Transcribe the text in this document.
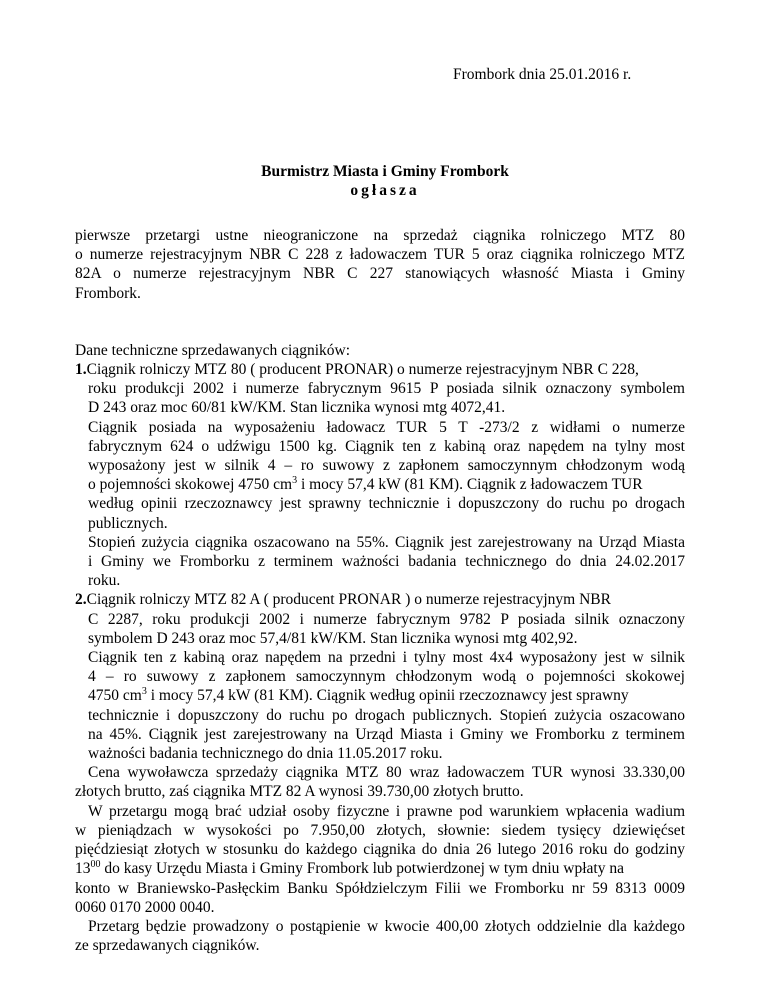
Frombork dnia 25.01.2016 r.
Burmistrz Miasta i Gminy Frombork
ogłasza

pierwsze przetargi ustne nieograniczone na sprzedaż ciągnika rolniczego MTZ 80

o numerze rejestracyjnym NBR C 228 z ładowaczem TUR 5 oraz ciągnika rolniczego MTZ

82A o numerze rejestracyjnym NBR C 227 stanowiących własność Miasta i Gminy

Frombork.

Dane techniczne sprzedawanych ciągników:

1.Ciągnik rolniczy MTZ 80 ( producent PRONAR) o numerze rejestracyjnym NBR C 228,

roku produkcji 2002 i numerze fabrycznym 9615 P posiada silnik oznaczony symbolem

D 243 oraz moc 60/81 kW/KM. Stan licznika wynosi mtg 4072,41.

Ciągnik posiada na wyposażeniu ładowacz TUR 5 T -273/2 z widłami o numerze

fabrycznym 624 o udźwigu 1500 kg. Ciągnik ten z kabiną oraz napędem na tylny most

wyposażony jest w silnik 4 – ro suwowy z zapłonem samoczynnym chłodzonym wodą

o pojemności skokowej 4750 $cm^3$ i mocy 57,4 kW (81 KM). Ciągnik z ładowaczem TUR

według opinii rzeczoznawcy jest sprawny technicznie i dopuszczony do ruchu po drogach

publicznych.

Stopień zużycia ciągnika oszacowano na 55%. Ciągnik jest zarejestrowany na Urząd Miasta

i Gminy we Fromborku z terminem ważności badania technicznego do dnia 24.02.2017

roku.

2.Ciągnik rolniczy MTZ 82 A ( producent PRONAR ) o numerze rejestracyjnym NBR

C 2287, roku produkcji 2002 i numerze fabrycznym 9782 P posiada silnik oznaczony

symbolem D 243 oraz moc 57,4/81 kW/KM. Stan licznika wynosi mtg 402,92.

Ciągnik ten z kabiną oraz napędem na przedni i tylny most 4x4 wyposażony jest w silnik

4 – ro suwowy z zapłonem samoczynnym chłodzonym wodą o pojemności skokowej

4750 $cm^3$ i mocy 57,4 kW (81 KM). Ciągnik według opinii rzeczoznawcy jest sprawny

technicznie i dopuszczony do ruchu po drogach publicznych. Stopień zużycia oszacowano

na 45%. Ciągnik jest zarejestrowany na Urząd Miasta i Gminy we Fromborku z terminem

ważności badania technicznego do dnia 11.05.2017 roku.

Cena wywoławcza sprzedaży ciągnika MTZ 80 wraz ładowaczem TUR wynosi 33.330,00

złotych brutto, zaś ciągnika MTZ 82 A wynosi 39.730,00 złotych brutto.

W przetargu mogą brać udział osoby fizyczne i prawne pod warunkiem wpłacenia wadium

w pieniądzach w wysokości po 7.950,00 złotych, słownie: siedem tysięcy dziewięćset

pięćdziesiąt złotych w stosunku do każdego ciągnika do dnia 26 lutego 2016 roku do godziny

$13^{00}$ do kasy Urzędu Miasta i Gminy Frombork lub potwierdzonej w tym dniu wpłaty na

konto w Braniewsko-Pasłęckim Banku Spółdzielczym Filii we Fromborku nr 59 8313 0009

0060 0170 2000 0040.

Przetarg będzie prowadzony o postąpienie w kwocie 400,00 złotych oddzielnie dla każdego

ze sprzedawanych ciągników.
